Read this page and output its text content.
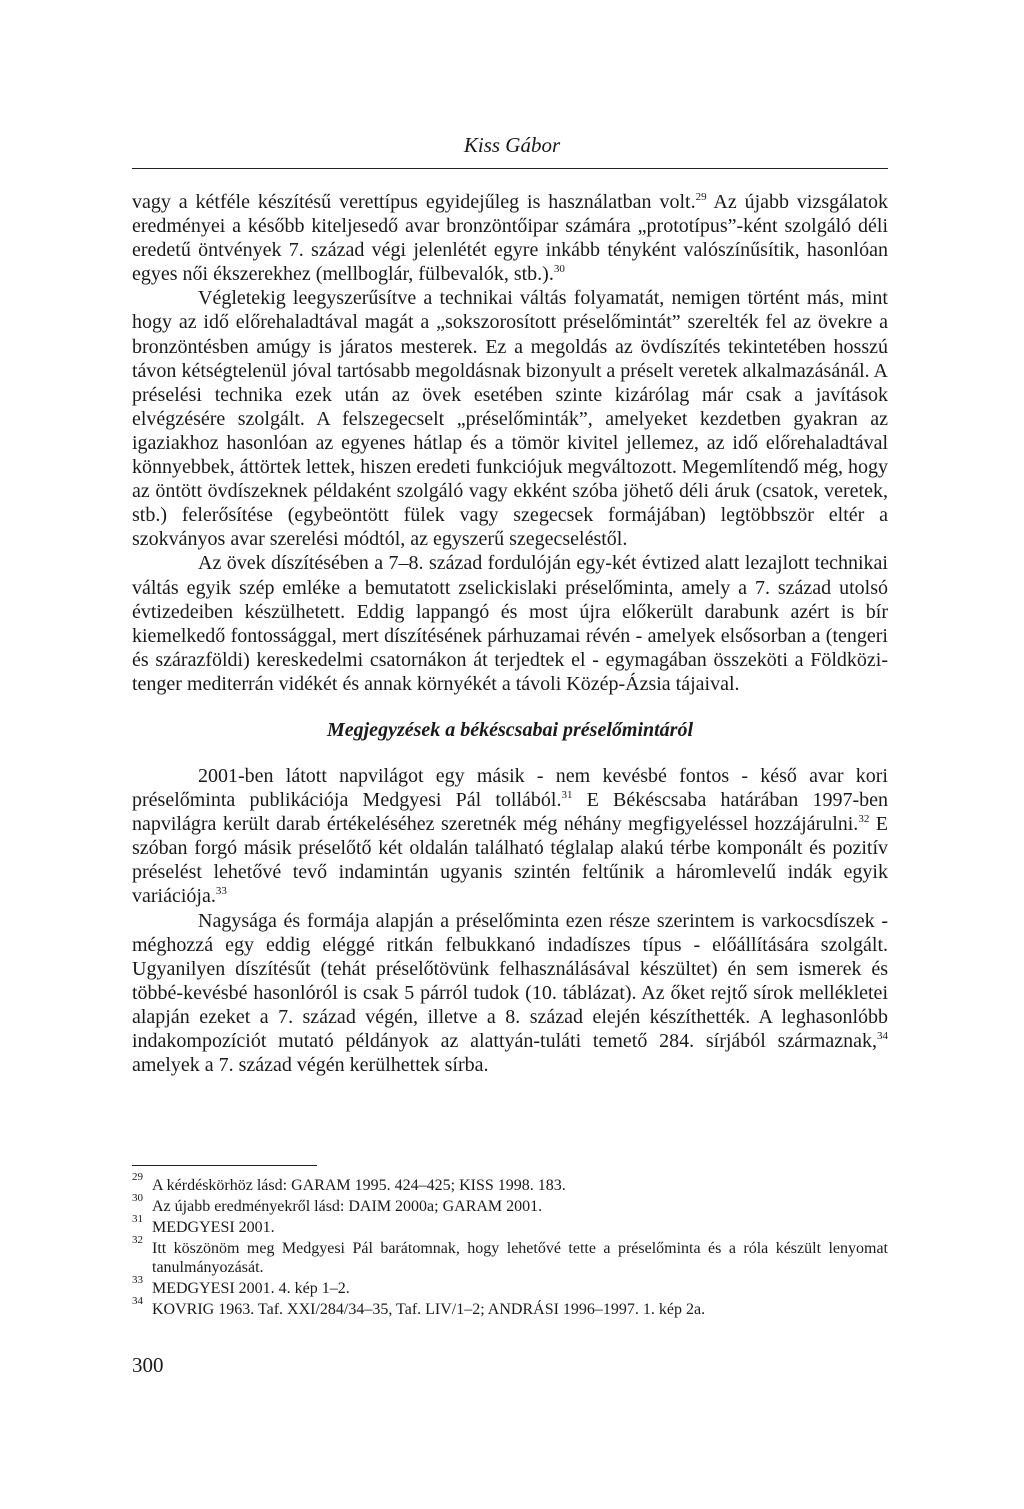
Kiss Gábor

vagy a kétféle készítésű verettípus egyidejűleg is használatban volt.$^{29}$ Az újabb vizsgálatok eredményei a később kiteljesedő avar bronzöntőipar számára „prototípus”-ként szolgáló déli eredetű öntvények 7. század végi jelenlétét egyre inkább tényként valószínűsítik, hasonlóan egyes női ékszerekhez (mellboglár, fülbevalók, stb.).$^{30}$

Végletekig leegyszerűsítve a technikai váltás folyamatát, nemigen történt más, mint hogy az idő előrehaladtával magát a „sokszorosított préselőmintát” szerelték fel az övekre a bronzöntésben amúgy is járatos mesterek. Ez a megoldás az övdíszítés tekintetében hosszú távon kétségtelenül jóval tartósabb megoldásnak bizonyult a préselt veretek alkalmazásánál. A préselési technika ezek után az övek esetében szinte kizárólag már csak a javítások elvégzésére szolgált. A felszegecselt „préselőminták”, amelyeket kezdetben gyakran az igaziakhoz hasonlóan az egyenes hátlap és a tömör kivitel jellemez, az idő előrehaladtával könnyebbek, áttörtek lettek, hiszen eredeti funkciójuk megváltozott. Megemlítendő még, hogy az öntött övdíszeknek példaként szolgáló vagy ekként szóba jöhető déli áruk (csatok, veretek, stb.) felerősítése (egybeöntött fülek vagy szegecsek formájában) legtöbbször eltér a szokványos avar szerelési módtól, az egyszerű szegecseléstől.

Az övek díszítésében a 7–8. század fordulóján egy-két évtized alatt lezajlott technikai váltás egyik szép emléke a bemutatott zselickislaki préselőminta, amely a 7. század utolsó évtizedeiben készülhetett. Eddig lappangó és most újra előkerült darabunk azért is bír kiemelkedő fontossággal, mert díszítésének párhuzamai révén - amelyek elsősorban a (tengeri és szárazföldi) kereskedelmi csatornákon át terjedtek el - egymagában összeköti a Földközi-tenger mediterrán vidékét és annak környékét a távoli Közép-Ázsia tájaival.

Megjegyzések a békéscsabai préselőmintáról

2001-ben látott napvilágot egy másik - nem kevésbé fontos - késő avar kori préselőminta publikációja Medgyesi Pál tollából.$^{31}$ E Békéscsaba határában 1997-ben napvilágra került darab értékeléséhez szeretnék még néhány megfigyeléssel hozzájárulni.$^{32}$ E szóban forgó másik préselőtő két oldalán található téglalap alakú térbe komponált és pozitív préselést lehetővé tevő indamintán ugyanis szintén feltűnik a háromlevelű indák egyik variációja.$^{33}$

Nagysága és formája alapján a préselőminta ezen része szerintem is varkocsdíszek - méghozzá egy eddig eléggé ritkán felbukkanó indadíszes típus - előállítására szolgált. Ugyanilyen díszítésűt (tehát préselőtövünk felhasználásával készültet) én sem ismerek és többé-kevésbé hasonlóról is csak 5 párról tudok (10. táblázat). Az őket rejtő sírok mellékletei alapján ezeket a 7. század végén, illetve a 8. század elején készíthették. A leghasonlóbb indakompozíciót mutató példányok az alattyán-tuláti temető 284. sírjából származnak,$^{34}$ amelyek a 7. század végén kerülhettek sírba.

29 A kérdéskörhöz lásd: GARAM 1995. 424–425; KISS 1998. 183.
30 Az újabb eredményekről lásd: DAIM 2000a; GARAM 2001.
31 MEDGYESI 2001.
32 Itt köszönöm meg Medgyesi Pál barátomnak, hogy lehetővé tette a préselőminta és a róla készült lenyomat tanulmányozását.
33 MEDGYESI 2001. 4. kép 1–2.
34 KOVRIG 1963. Taf. XXI/284/34–35, Taf. LIV/1–2; ANDRÁSI 1996–1997. 1. kép 2a.
300
